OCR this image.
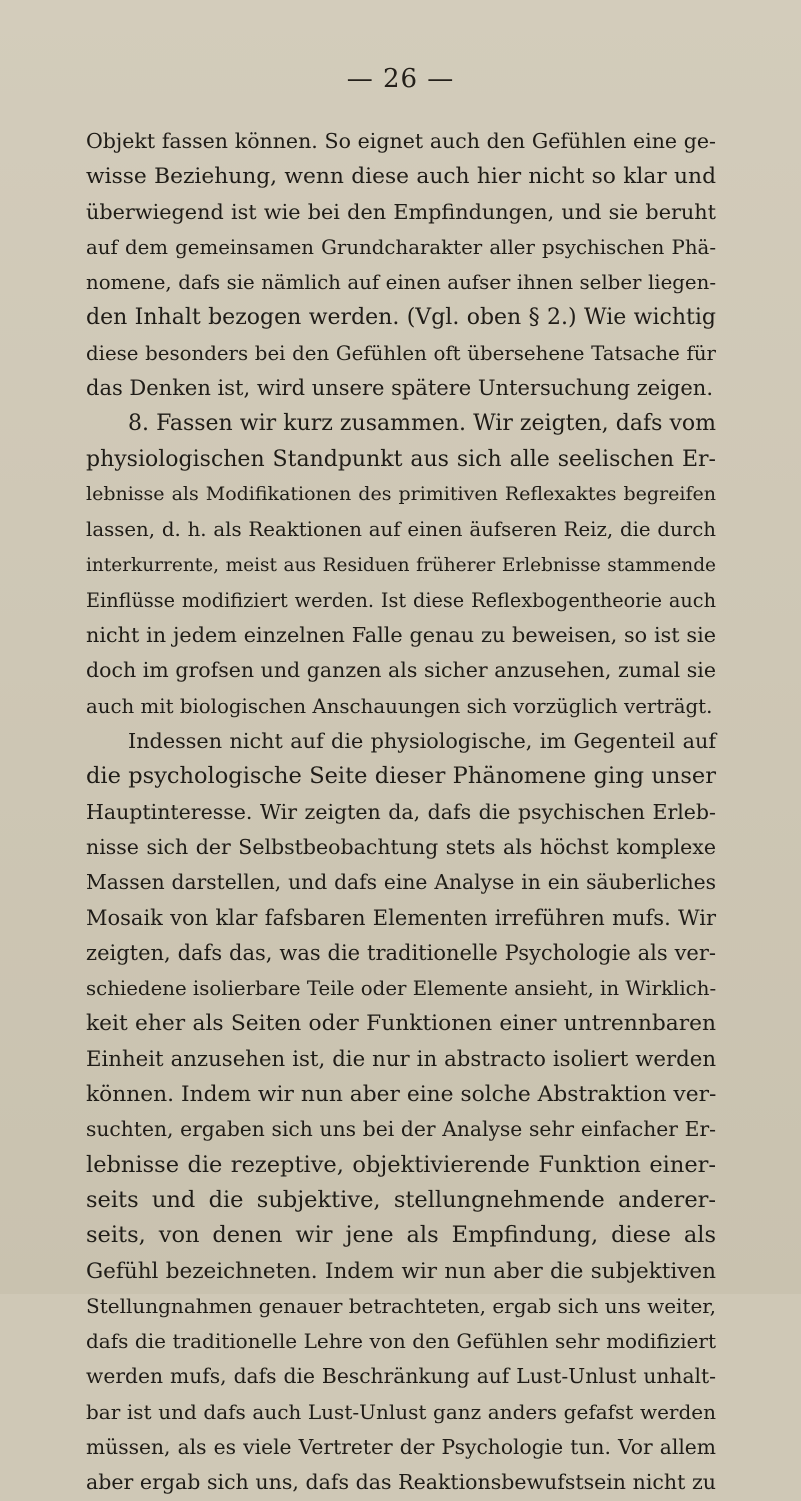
— 26 —
Objekt fassen können. So eignet auch den Gefühlen eine ge-
wisse Beziehung, wenn diese auch hier nicht so klar und
überwiegend ist wie bei den Empfindungen, und sie beruht
auf dem gemeinsamen Grundcharakter aller psychischen Phä-
nomene, dafs sie nämlich auf einen aufser ihnen selber liegen-
den Inhalt bezogen werden. (Vgl. oben § 2.) Wie wichtig
diese besonders bei den Gefühlen oft übersehene Tatsache für
das Denken ist, wird unsere spätere Untersuchung zeigen.
8. Fassen wir kurz zusammen. Wir zeigten, dafs vom
physiologischen Standpunkt aus sich alle seelischen Er-
lebnisse als Modifikationen des primitiven Reflexaktes begreifen
lassen, d. h. als Reaktionen auf einen äufseren Reiz, die durch
interkurrente, meist aus Residuen früherer Erlebnisse stammende
Einflüsse modifiziert werden. Ist diese Reflexbogentheorie auch
nicht in jedem einzelnen Falle genau zu beweisen, so ist sie
doch im grofsen und ganzen als sicher anzusehen, zumal sie
auch mit biologischen Anschauungen sich vorzüglich verträgt.
Indessen nicht auf die physiologische, im Gegenteil auf
die psychologische Seite dieser Phänomene ging unser
Hauptinteresse. Wir zeigten da, dafs die psychischen Erleb-
nisse sich der Selbstbeobachtung stets als höchst komplexe
Massen darstellen, und dafs eine Analyse in ein säuberliches
Mosaik von klar fafsbaren Elementen irreführen mufs. Wir
zeigten, dafs das, was die traditionelle Psychologie als ver-
schiedene isolierbare Teile oder Elemente ansieht, in Wirklich-
keit eher als Seiten oder Funktionen einer untrennbaren
Einheit anzusehen ist, die nur in abstracto isoliert werden
können. Indem wir nun aber eine solche Abstraktion ver-
suchten, ergaben sich uns bei der Analyse sehr einfacher Er-
lebnisse die rezeptive, objektivierende Funktion einer-
seits und die subjektive, stellungnehmende anderer-
seits, von denen wir jene als Empfindung, diese als
Gefühl bezeichneten. Indem wir nun aber die subjektiven
Stellungnahmen genauer betrachteten, ergab sich uns weiter,
dafs die traditionelle Lehre von den Gefühlen sehr modifiziert
werden mufs, dafs die Beschränkung auf Lust-Unlust unhalt-
bar ist und dafs auch Lust-Unlust ganz anders gefafst werden
müssen, als es viele Vertreter der Psychologie tun. Vor allem
aber ergab sich uns, dafs das Reaktionsbewufstsein nicht zu
